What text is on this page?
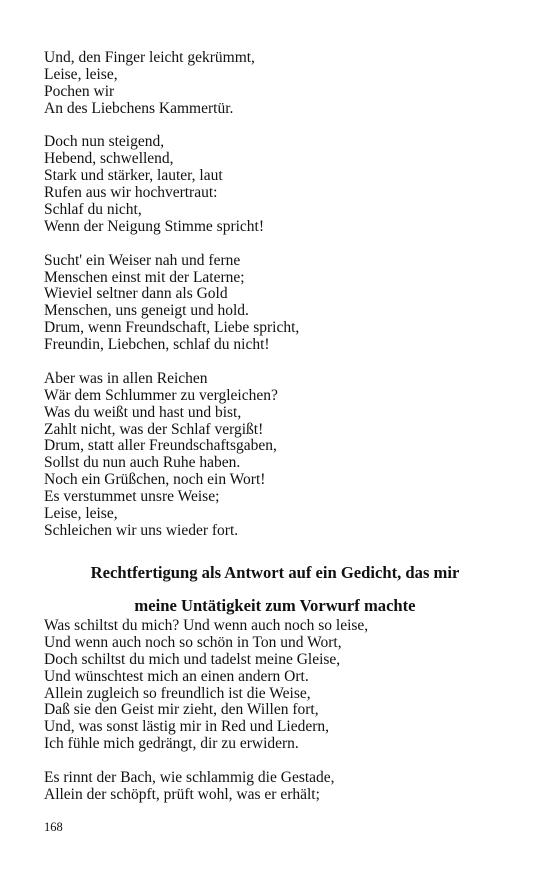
Und, den Finger leicht gekrümmt,
Leise, leise,
Pochen wir
An des Liebchens Kammertür.
Doch nun steigend,
Hebend, schwellend,
Stark und stärker, lauter, laut
Rufen aus wir hochvertraut:
Schlaf du nicht,
Wenn der Neigung Stimme spricht!
Sucht' ein Weiser nah und ferne
Menschen einst mit der Laterne;
Wieviel seltner dann als Gold
Menschen, uns geneigt und hold.
Drum, wenn Freundschaft, Liebe spricht,
Freundin, Liebchen, schlaf du nicht!
Aber was in allen Reichen
Wär dem Schlummer zu vergleichen?
Was du weißt und hast und bist,
Zahlt nicht, was der Schlaf vergißt!
Drum, statt aller Freundschaftsgaben,
Sollst du nun auch Ruhe haben.
Noch ein Grüßchen, noch ein Wort!
Es verstummet unsre Weise;
Leise, leise,
Schleichen wir uns wieder fort.
Rechtfertigung als Antwort auf ein Gedicht, das mir
meine Untätigkeit zum Vorwurf machte
Was schiltst du mich? Und wenn auch noch so leise,
Und wenn auch noch so schön in Ton und Wort,
Doch schiltst du mich und tadelst meine Gleise,
Und wünschtest mich an einen andern Ort.
Allein zugleich so freundlich ist die Weise,
Daß sie den Geist mir zieht, den Willen fort,
Und, was sonst lästig mir in Red und Liedern,
Ich fühle mich gedrängt, dir zu erwidern.
Es rinnt der Bach, wie schlammig die Gestade,
Allein der schöpft, prüft wohl, was er erhält;
168
